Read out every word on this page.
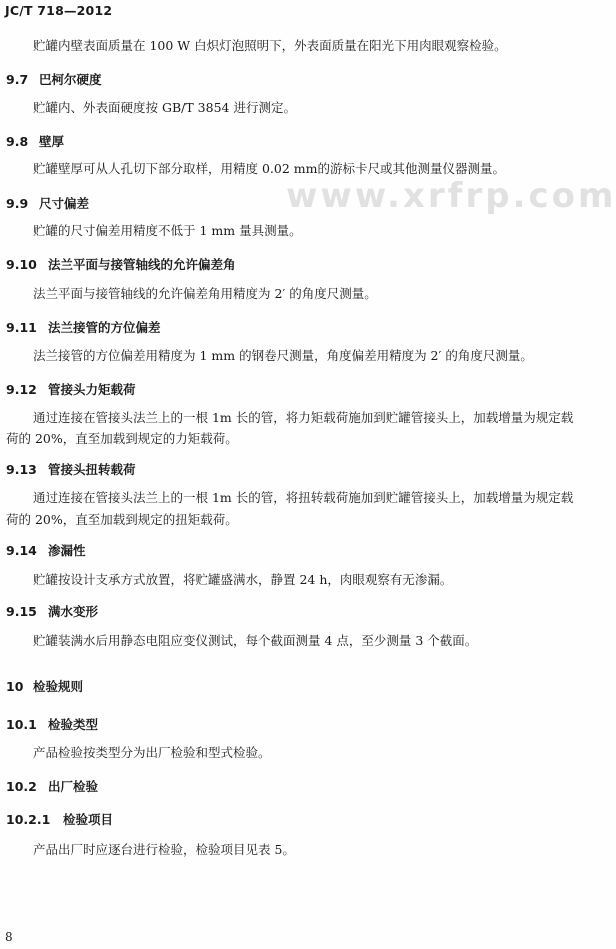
JC/T 718—2012
www.xrfrp.com
贮罐内壁表面质量在 100 W 白炽灯泡照明下，外表面质量在阳光下用肉眼观察检验。
9.7 巴柯尔硬度
贮罐内、外表面硬度按 GB/T 3854 进行测定。
9.8 壁厚
贮罐壁厚可从人孔切下部分取样，用精度 0.02 mm的游标卡尺或其他测量仪器测量。
9.9 尺寸偏差
贮罐的尺寸偏差用精度不低于 1 mm 量具测量。
9.10 法兰平面与接管轴线的允许偏差角
法兰平面与接管轴线的允许偏差角用精度为 2′ 的角度尺测量。
9.11 法兰接管的方位偏差
法兰接管的方位偏差用精度为 1 mm 的钢卷尺测量，角度偏差用精度为 2′ 的角度尺测量。
9.12 管接头力矩载荷
通过连接在管接头法兰上的一根 1m 长的管，将力矩载荷施加到贮罐管接头上，加载增量为规定载
荷的 20%，直至加载到规定的力矩载荷。
9.13 管接头扭转载荷
通过连接在管接头法兰上的一根 1m 长的管，将扭转载荷施加到贮罐管接头上，加载增量为规定载
荷的 20%，直至加载到规定的扭矩载荷。
9.14 渗漏性
贮罐按设计支承方式放置，将贮罐盛满水，静置 24 h，肉眼观察有无渗漏。
9.15 满水变形
贮罐装满水后用静态电阻应变仪测试，每个截面测量 4 点，至少测量 3 个截面。
10 检验规则
10.1 检验类型
产品检验按类型分为出厂检验和型式检验。
10.2 出厂检验
10.2.1 检验项目
产品出厂时应逐台进行检验，检验项目见表 5。
8
